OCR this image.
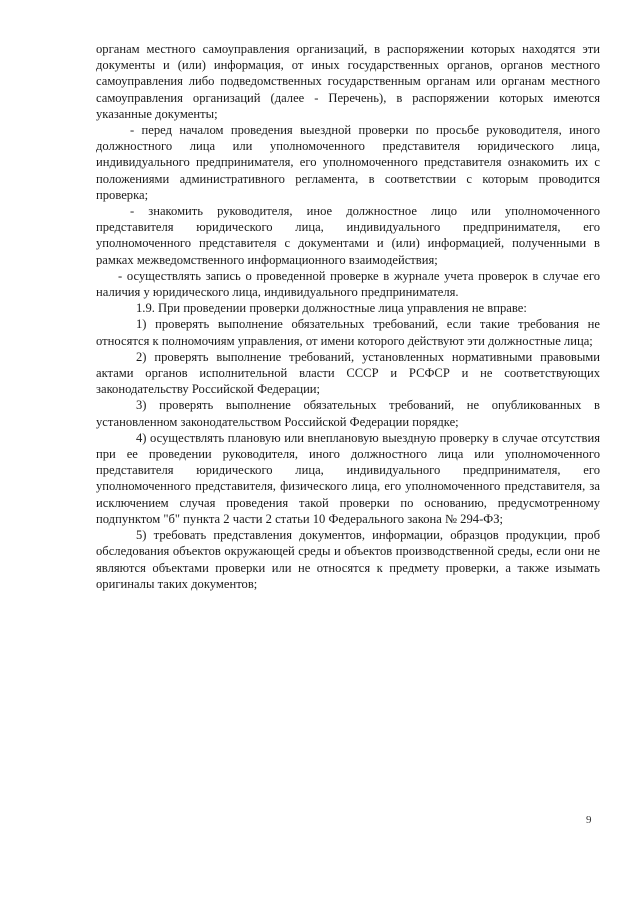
органам местного самоуправления организаций, в распоряжении которых находятся эти документы и (или) информация, от иных государственных органов, органов местного самоуправления либо подведомственных государственным органам или органам местного самоуправления организаций (далее - Перечень), в распоряжении которых имеются указанные документы;

- перед началом проведения выездной проверки по просьбе руководителя, иного должностного лица или уполномоченного представителя юридического лица, индивидуального предпринимателя, его уполномоченного представителя ознакомить их с положениями административного регламента, в соответствии с которым проводится проверка;

- знакомить руководителя, иное должностное лицо или уполномоченного представителя юридического лица, индивидуального предпринимателя, его уполномоченного представителя с документами и (или) информацией, полученными в рамках межведомственного информационного взаимодействия;

- осуществлять запись о проведенной проверке в журнале учета проверок в случае его наличия у юридического лица, индивидуального предпринимателя.

1.9. При проведении проверки должностные лица управления не вправе:

1) проверять выполнение обязательных требований, если такие требования не относятся к полномочиям управления, от имени которого действуют эти должностные лица;

2) проверять выполнение требований, установленных нормативными правовыми актами органов исполнительной власти СССР и РСФСР и не соответствующих законодательству Российской Федерации;

3) проверять выполнение обязательных требований, не опубликованных в установленном законодательством Российской Федерации порядке;

4) осуществлять плановую или внеплановую выездную проверку в случае отсутствия при ее проведении руководителя, иного должностного лица или уполномоченного представителя юридического лица, индивидуального предпринимателя, его уполномоченного представителя, физического лица, его уполномоченного представителя, за исключением случая проведения такой проверки по основанию, предусмотренному подпунктом "б" пункта 2 части 2 статьи 10 Федерального закона № 294-ФЗ;

5) требовать представления документов, информации, образцов продукции, проб обследования объектов окружающей среды и объектов производственной среды, если они не являются объектами проверки или не относятся к предмету проверки, а также изымать оригиналы таких документов;

9
